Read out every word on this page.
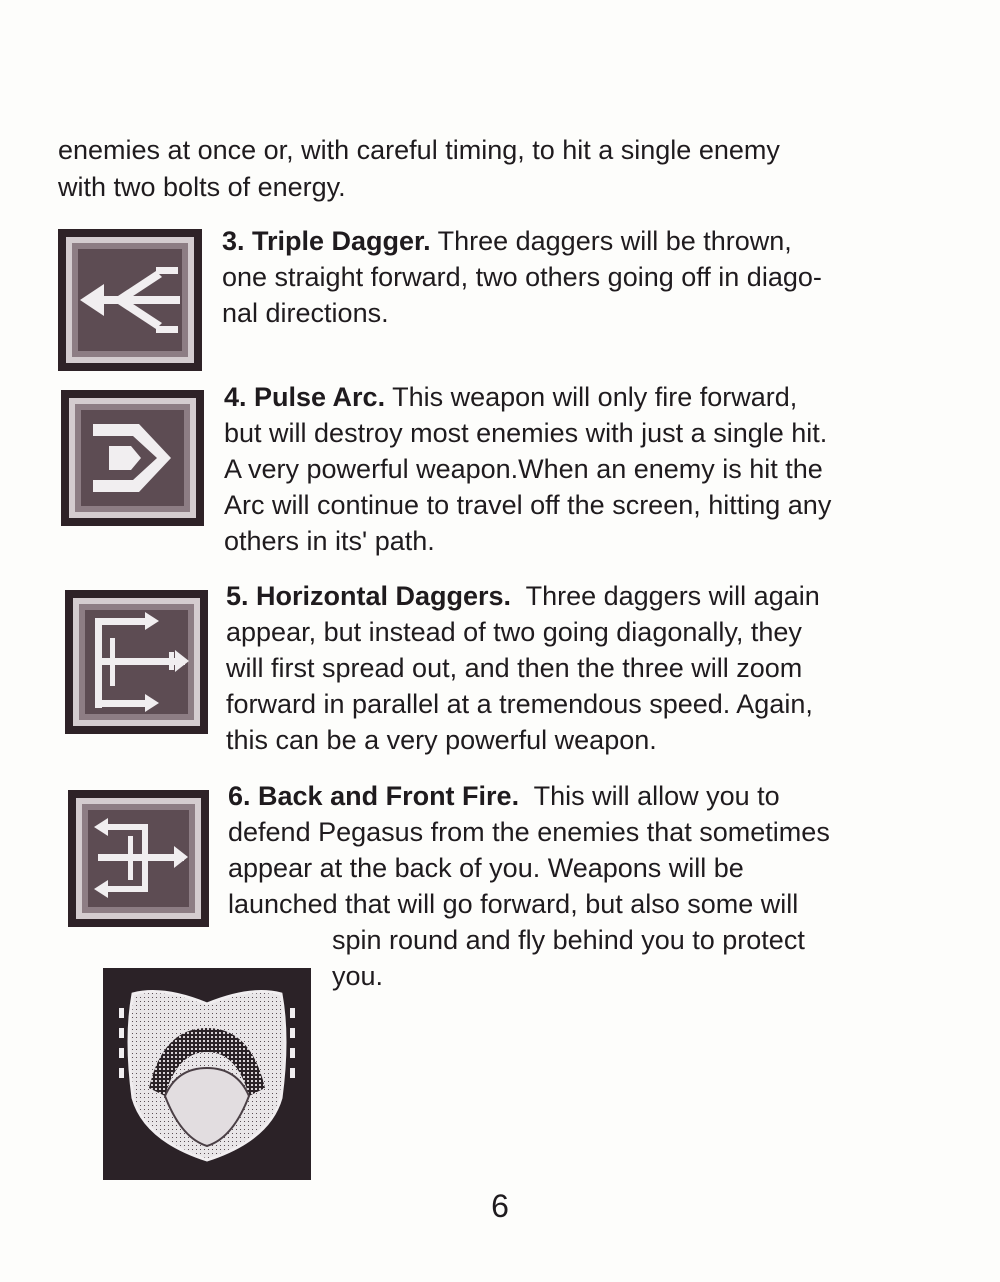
enemies at once or, with careful timing, to hit a single enemy

with two bolts of energy.

3. Triple Dagger. Three daggers will be thrown,
one straight forward, two others going off in diago-
nal directions.
4. Pulse Arc. This weapon will only fire forward,
but will destroy most enemies with just a single hit.
A very powerful weapon.When an enemy is hit the
Arc will continue to travel off the screen, hitting any
others in its' path.
5. Horizontal Daggers. Three daggers will again
appear, but instead of two going diagonally, they
will first spread out, and then the three will zoom
forward in parallel at a tremendous speed. Again,
this can be a very powerful weapon.
6. Back and Front Fire. This will allow you to
defend Pegasus from the enemies that sometimes
appear at the back of you. Weapons will be
launched that will go forward, but also some will
spin round and fly behind you to protect
you.
6
